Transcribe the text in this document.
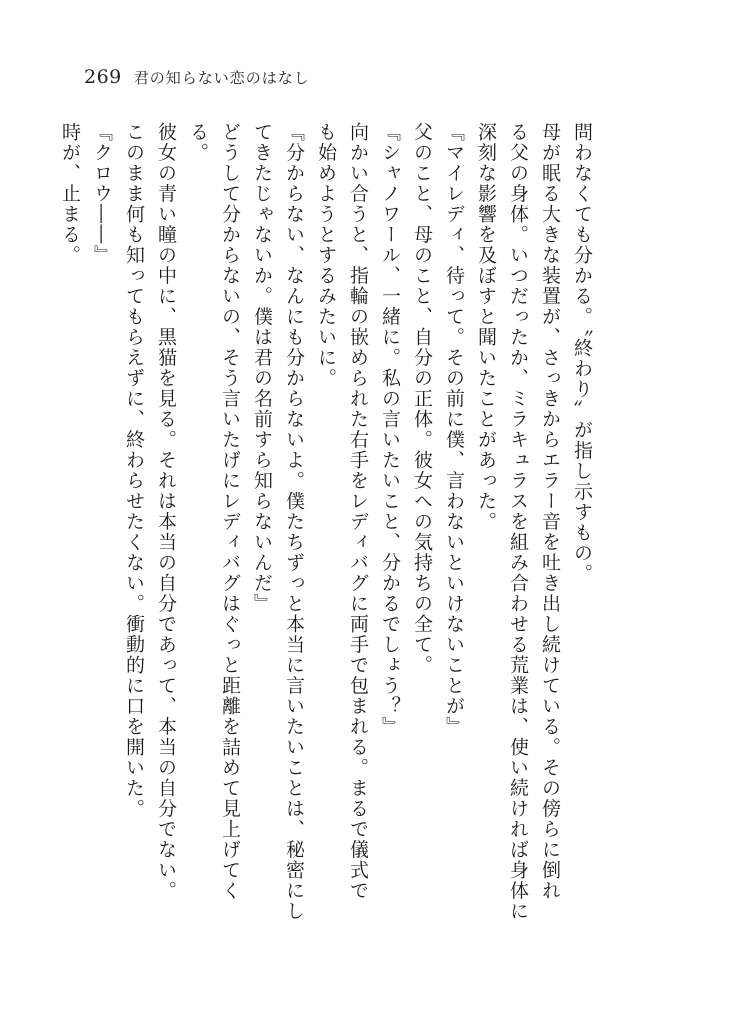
269 君の知らない恋のはなし
問わなくても分かる。〝終わり〟が指し示すもの。
母が眠る大きな装置が、さっきからエラー音を吐き出し続けている。その傍らに倒れ
る父の身体。いつだったか、ミラキュラスを組み合わせる荒業は、使い続ければ身体に
深刻な影響を及ぼすと聞いたことがあった。
『マイレディ、待って。その前に僕、言わないといけないことが』
父のこと、母のこと、自分の正体。彼女への気持ちの全て。
『シャノワール、一緒に。私の言いたいこと、分かるでしょう？』
向かい合うと、指輪の嵌められた右手をレディバグに両手で包まれる。まるで儀式で
も始めようとするみたいに。
『分からない、なんにも分からないよ。僕たちずっと本当に言いたいことは、秘密にし
てきたじゃないか。僕は君の名前すら知らないんだ』
どうして分からないの、そう言いたげにレディバグはぐっと距離を詰めて見上げてく
る。
彼女の青い瞳の中に、黒猫を見る。それは本当の自分であって、本当の自分でない。
このまま何も知ってもらえずに、終わらせたくない。衝動的に口を開いた。
『クロウ――』
時が、止まる。
